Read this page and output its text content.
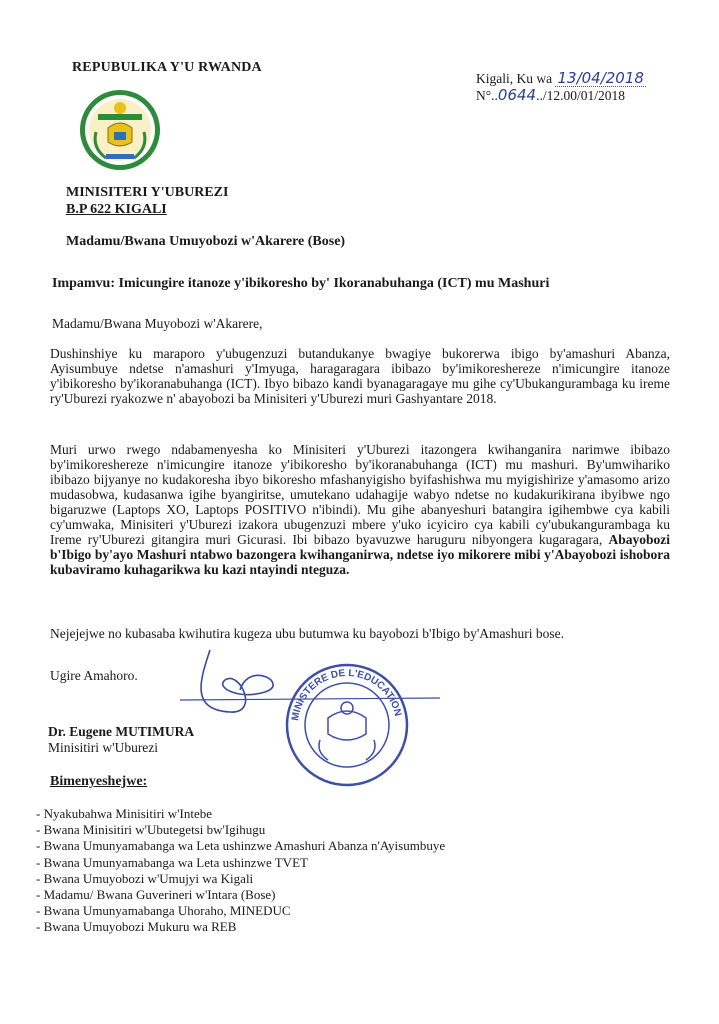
REPUBULIKA Y'U RWANDA
MINISITERI Y'UBUREZI
B.P 622 KIGALI
Kigali, Ku wa 13/04/2018
N°..0644../12.00/01/2018
Madamu/Bwana Umuyobozi w'Akarere (Bose)
Impamvu: Imicungire itanoze y'ibikoresho by' Ikoranabuhanga (ICT) mu Mashuri
Madamu/Bwana Muyobozi w'Akarere,
Dushinshiye ku maraporo y'ubugenzuzi butandukanye bwagiye bukorerwa ibigo by'amashuri Abanza, Ayisumbuye ndetse n'amashuri y'Imyuga, haragaragara ibibazo by'imikoreshereze n'imicungire itanoze y'ibikoresho by'ikoranabuhanga (ICT). Ibyo bibazo kandi byanagaragaye mu gihe cy'Ubukangurambaga ku ireme ry'Uburezi ryakozwe n' abayobozi ba Minisiteri y'Uburezi muri Gashyantare 2018.
Muri urwo rwego ndabamenyesha ko Minisiteri y'Uburezi itazongera kwihanganira narimwe ibibazo by'imikoreshereze n'imicungire itanoze y'ibikoresho by'ikoranabuhanga (ICT) mu mashuri. By'umwihariko ibibazo bijyanye no kudakoresha ibyo bikoresho mfashanyigisho byifashishwa mu myigishirize y'amasomo arizo mudasobwa, kudasanwa igihe byangiritse, umutekano udahagije wabyo ndetse no kudakurikirana ibyibwe ngo bigaruzwe (Laptops XO, Laptops POSITIVO n'ibindi). Mu gihe abanyeshuri batangira igihembwe cya kabili cy'umwaka, Minisiteri y'Uburezi izakora ubugenzuzi mbere y'uko icyiciro cya kabili cy'ubukangurambaga ku Ireme ry'Uburezi gitangira muri Gicurasi. Ibi bibazo byavuzwe haruguru nibyongera kugaragara, Abayobozi b'Ibigo by'ayo Mashuri ntabwo bazongera kwihanganirwa, ndetse iyo mikorere mibi y'Abayobozi ishobora kubaviramo kuhagarikwa ku kazi ntayindi nteguza.
Nejejejwe no kubasaba kwihutira kugeza ubu butumwa ku bayobozi b'Ibigo by'Amashuri bose.
Ugire Amahoro.
MINISTERE DE L'EDUCATION
Dr. Eugene MUTIMURA
Minisitiri w'Uburezi
Bimenyeshejwe:
- Nyakubahwa Minisitiri w'Intebe
- Bwana Minisitiri w'Ubutegetsi bw'Igihugu
- Bwana Umunyamabanga wa Leta ushinzwe Amashuri Abanza n'Ayisumbuye
- Bwana Umunyamabanga wa Leta ushinzwe TVET
- Bwana Umuyobozi w'Umujyi wa Kigali
- Madamu/ Bwana Guverineri w'Intara (Bose)
- Bwana Umunyamabanga Uhoraho, MINEDUC
- Bwana Umuyobozi Mukuru wa REB
